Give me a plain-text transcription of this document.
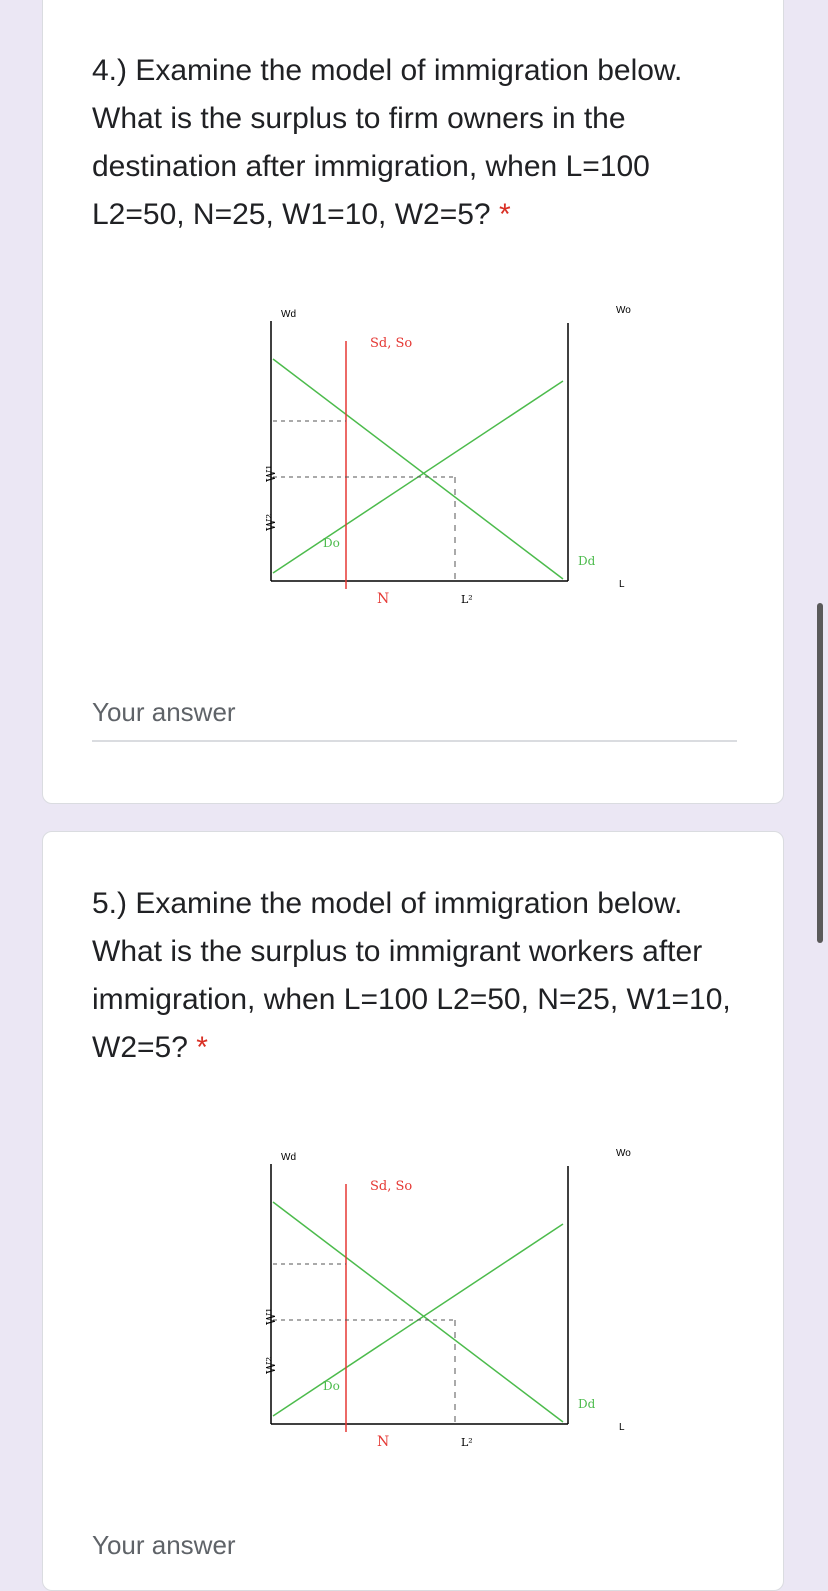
4.) Examine the model of immigration below. What is the surplus to firm owners in the destination after immigration, when L=100 L2=50, N=25, W1=10, W2=5? *
Wd	Wo
W¹
W²
Sd, So
Do
Dd
N	L²
L
Your answer
5.) Examine the model of immigration below. What is the surplus to immigrant workers after immigration, when L=100 L2=50, N=25, W1=10, W2=5? *
Wd	Wo
W¹
W²
Sd, So
Do
Dd
N	L²
L
Your answer
